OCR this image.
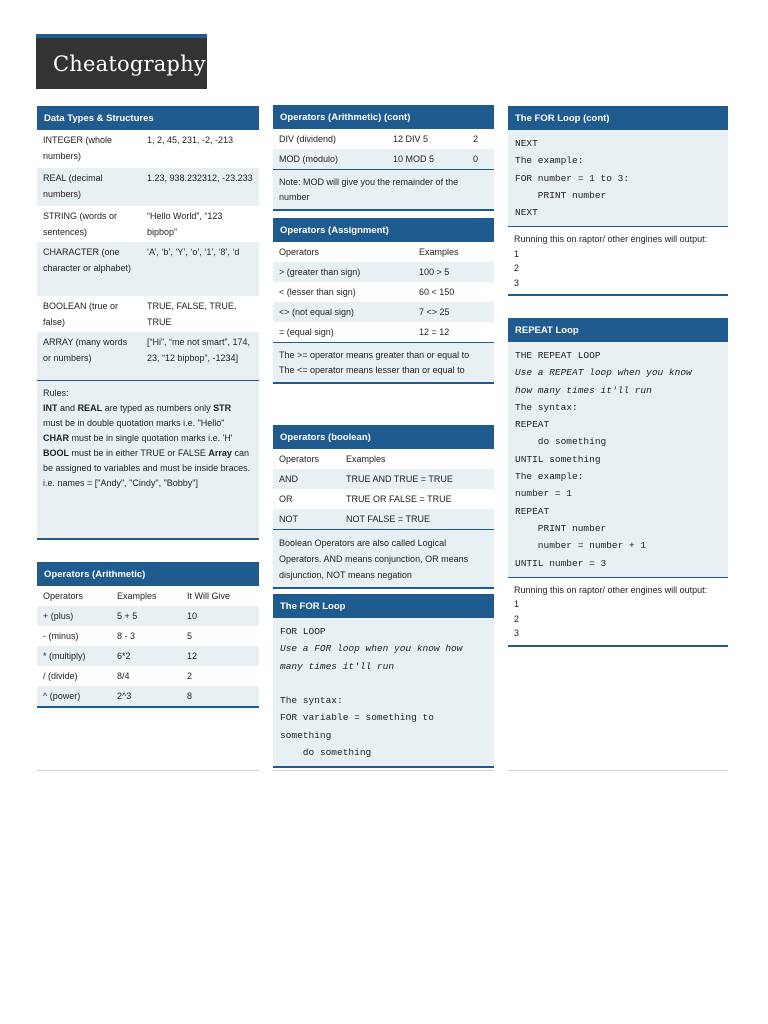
Cheatography
Data Types & Structures
INTEGER (whole numbers)	1, 2, 45, 231, -2, -213
REAL (decimal numbers)	1.23, 938.232312, -23.233
STRING (words or sentences)	“Hello World”, “123 bipbop”
CHARACTER (one character or alphabet)	‘A’, ‘b’, ‘Y’, ‘o’, ‘1’, ‘8’, ‘d
BOOLEAN (true or false)	TRUE, FALSE, TRUE, TRUE
ARRAY (many words or numbers)	[“Hi”, “me not smart”, 174, 23, “12 bipbop”, -1234]
Rules:
INT and REAL are typed as numbers only STR must be in double quotation marks i.e. "Hello"
CHAR must be in single quotation marks i.e. 'H'
BOOL must be in either TRUE or FALSE Array can be assigned to variables and must be inside braces. i.e. names = ["Andy", "Cindy", "Bobby"]
Operators (Arithmetic)
Operators	Examples	It Will Give
+ (plus)	5 + 5	10
- (minus)	8 - 3	5
* (multiply)	6*2	12
/ (divide)	8/4	2
^ (power)	2^3	8
Operators (Arithmetic) (cont)
DIV (dividend)	12 DIV 5	2
MOD (modulo)	10 MOD 5	0
Note: MOD will give you the remainder of the number
Operators (Assignment)
Operators	Examples
> (greater than sign)	100 > 5
< (lesser than sign)	60 < 150
<> (not equal sign)	7 <> 25
= (equal sign)	12 = 12
The >= operator means greater than or equal to
The <= operator means lesser than or equal to
Operators (boolean)
Operators	Examples
AND	TRUE AND TRUE = TRUE
OR	TRUE OR FALSE = TRUE
NOT	NOT FALSE = TRUE
Boolean Operators are also called Logical Operators. AND means conjunction, OR means disjunction, NOT means negation
The FOR Loop
FOR LOOP
Use a FOR loop when you know how
many times it'll run

The syntax:
FOR variable = something to
something
do something
The FOR Loop (cont)
NEXT
The example:
FOR number = 1 to 3:
PRINT number
NEXT
Running this on raptor/ other engines will output:
1
2
3
REPEAT Loop
THE REPEAT LOOP
Use a REPEAT loop when you know
how many times it'll run
The syntax:
REPEAT
do something
UNTIL something
The example:
number = 1
REPEAT
PRINT number
number = number + 1
UNTIL number = 3
Running this on raptor/ other engines will output:
1
2
3
